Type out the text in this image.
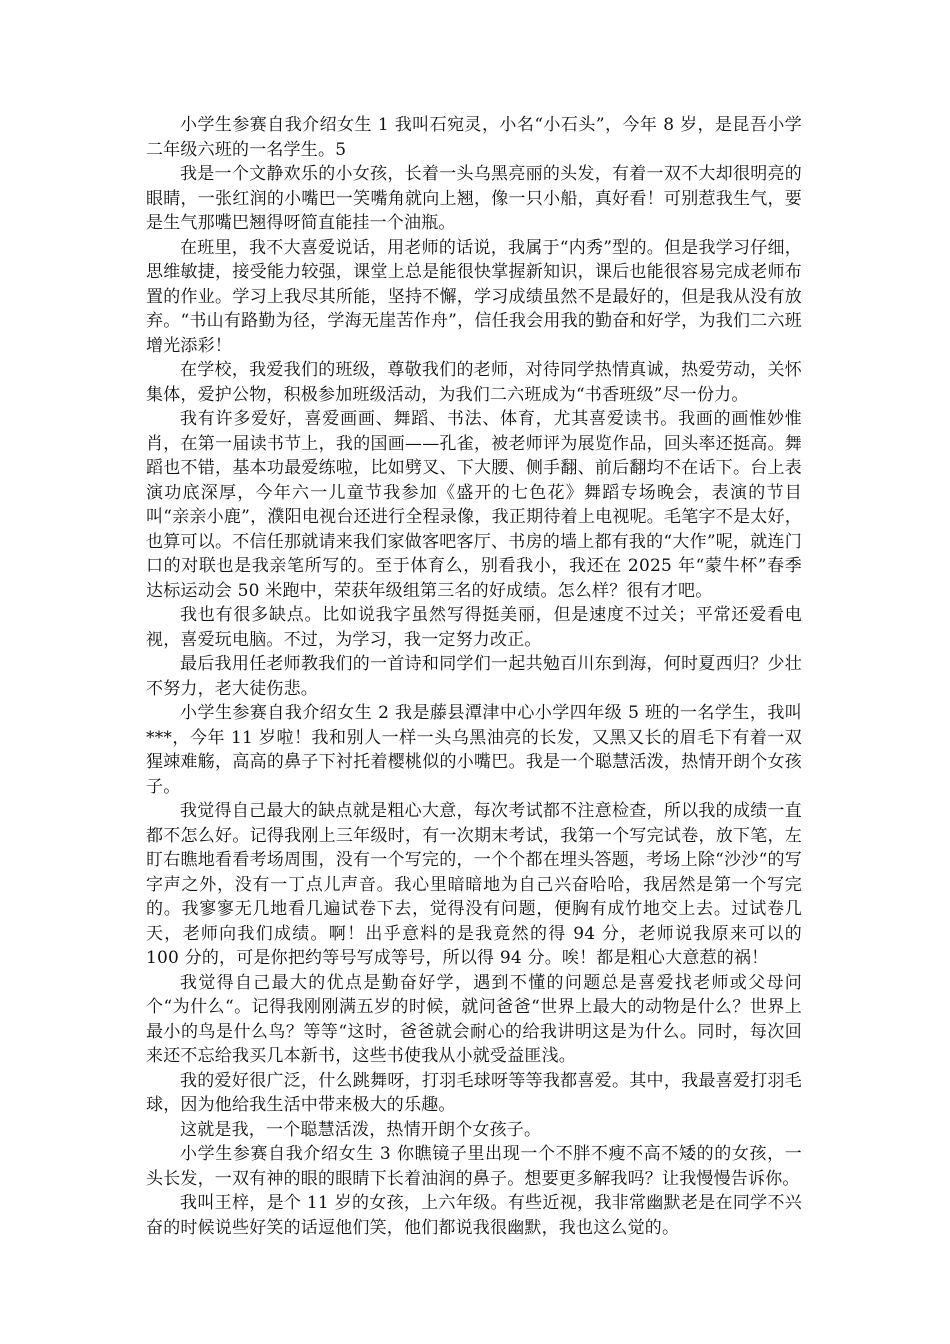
小学生参赛自我介绍女生 1 我叫石宛灵，小名“小石头”，今年 8 岁，是昆吾小学二年级六班的一名学生。5

我是一个文静欢乐的小女孩，长着一头乌黑亮丽的头发，有着一双不大却很明亮的眼睛，一张红润的小嘴巴一笑嘴角就向上翘，像一只小船，真好看！可别惹我生气，要是生气那嘴巴翘得呀简直能挂一个油瓶。

在班里，我不大喜爱说话，用老师的话说，我属于“内秀”型的。但是我学习仔细，思维敏捷，接受能力较强，课堂上总是能很快掌握新知识，课后也能很容易完成老师布置的作业。学习上我尽其所能，坚持不懈，学习成绩虽然不是最好的，但是我从没有放弃。“书山有路勤为径，学海无崖苦作舟”，信任我会用我的勤奋和好学，为我们二六班增光添彩！

在学校，我爱我们的班级，尊敬我们的老师，对待同学热情真诚，热爱劳动，关怀集体，爱护公物，积极参加班级活动，为我们二六班成为“书香班级”尽一份力。

我有许多爱好，喜爱画画、舞蹈、书法、体育，尤其喜爱读书。我画的画惟妙惟肖，在第一届读书节上，我的国画——孔雀，被老师评为展览作品，回头率还挺高。舞蹈也不错，基本功最爱练啦，比如劈叉、下大腰、侧手翻、前后翻均不在话下。台上表演功底深厚，今年六一儿童节我参加《盛开的七色花》舞蹈专场晚会，表演的节目叫“亲亲小鹿”，濮阳电视台还进行全程录像，我正期待着上电视呢。毛笔字不是太好，也算可以。不信任那就请来我们家做客吧客厅、书房的墙上都有我的“大作”呢，就连门口的对联也是我亲笔所写的。至于体育么，别看我小，我还在 2025 年“蒙牛杯”春季达标运动会 50 米跑中，荣获年级组第三名的好成绩。怎么样？很有才吧。

我也有很多缺点。比如说我字虽然写得挺美丽，但是速度不过关；平常还爱看电视，喜爱玩电脑。不过，为学习，我一定努力改正。

最后我用任老师教我们的一首诗和同学们一起共勉百川东到海，何时夏西归？少壮不努力，老大徒伤悲。

小学生参赛自我介绍女生 2 我是藤县潭津中心小学四年级 5 班的一名学生，我叫***，今年 11 岁啦！我和别人一样一头乌黑油亮的长发，又黑又长的眉毛下有着一双猩竦难觞，高高的鼻子下衬托着樱桃似的小嘴巴。我是一个聪慧活泼，热情开朗个女孩子。

我觉得自己最大的缺点就是粗心大意，每次考试都不注意检查，所以我的成绩一直都不怎么好。记得我刚上三年级时，有一次期末考试，我第一个写完试卷，放下笔，左盯右瞧地看看考场周围，没有一个写完的，一个个都在埋头答题，考场上除“沙沙“的写字声之外，没有一丁点儿声音。我心里暗暗地为自己兴奋哈哈，我居然是第一个写完的。我寥寥无几地看几遍试卷下去，觉得没有问题，便胸有成竹地交上去。过试卷几天，老师向我们成绩。啊！出乎意料的是我竟然的得 94 分，老师说我原来可以的 100 分的，可是你把约等号写成等号，所以得 94 分。唉！都是粗心大意惹的祸！

我觉得自己最大的优点是勤奋好学，遇到不懂的问题总是喜爱找老师或父母问个“为什么“。记得我刚刚满五岁的时候，就问爸爸“世界上最大的动物是什么？世界上最小的鸟是什么鸟？等等“这时，爸爸就会耐心的给我讲明这是为什么。同时，每次回来还不忘给我买几本新书，这些书使我从小就受益匪浅。

我的爱好很广泛，什么跳舞呀，打羽毛球呀等等我都喜爱。其中，我最喜爱打羽毛球，因为他给我生活中带来极大的乐趣。

这就是我，一个聪慧活泼，热情开朗个女孩子。

小学生参赛自我介绍女生 3 你瞧镜子里出现一个不胖不瘦不高不矮的的女孩，一头长发，一双有神的眼的眼睛下长着油润的鼻子。想要更多解我吗？让我慢慢告诉你。

我叫王梓，是个 11 岁的女孩，上六年级。有些近视，我非常幽默老是在同学不兴奋的时候说些好笑的话逗他们笑，他们都说我很幽默，我也这么觉的。
